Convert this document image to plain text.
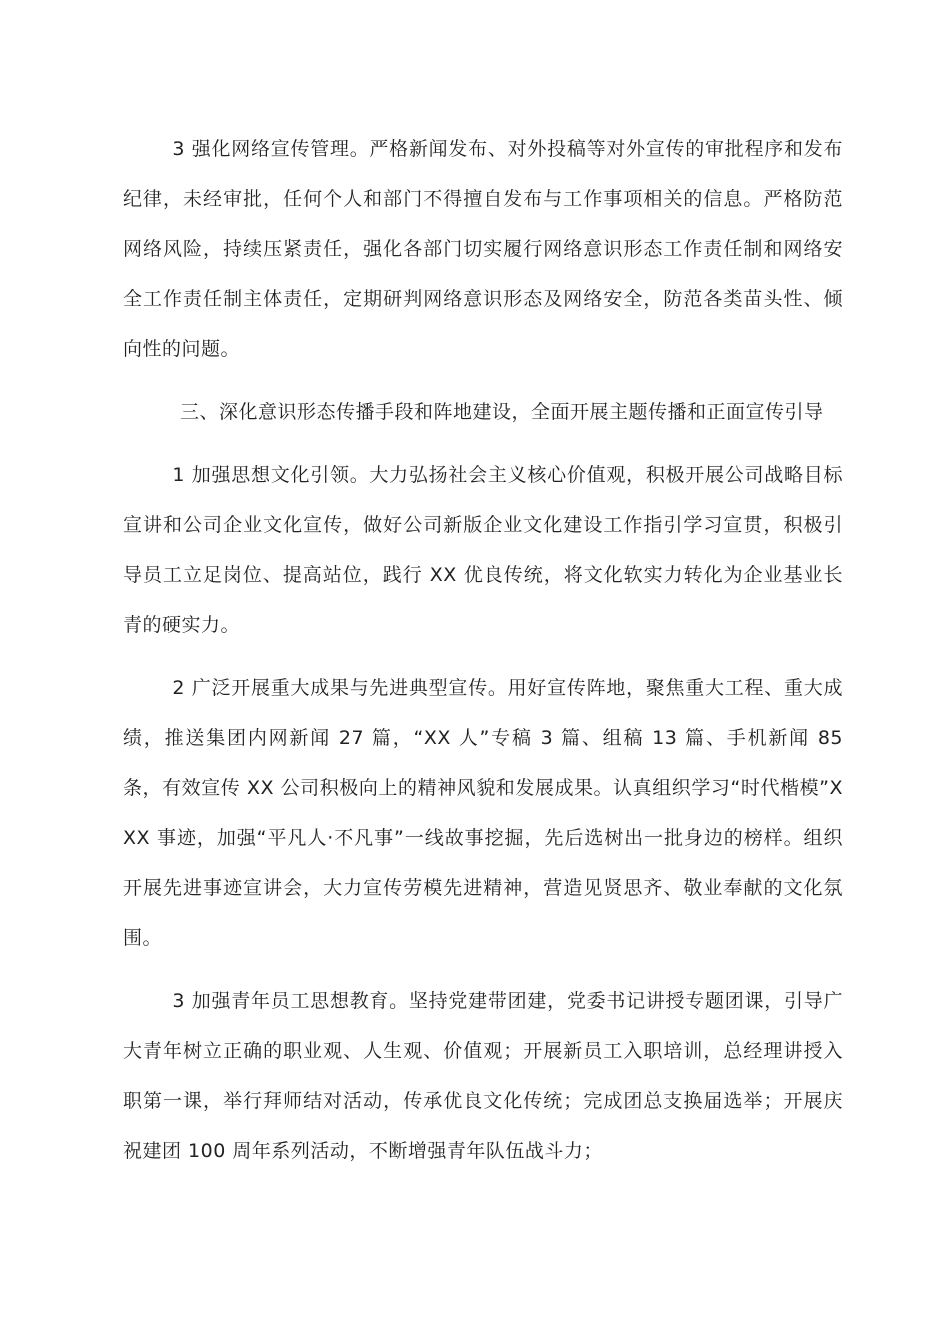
3 强化网络宣传管理。严格新闻发布、对外投稿等对外宣传的审批程序和发布纪律，未经审批，任何个人和部门不得擅自发布与工作事项相关的信息。严格防范网络风险，持续压紧责任，强化各部门切实履行网络意识形态工作责任制和网络安全工作责任制主体责任，定期研判网络意识形态及网络安全，防范各类苗头性、倾向性的问题。

三、深化意识形态传播手段和阵地建设，全面开展主题传播和正面宣传引导

1 加强思想文化引领。大力弘扬社会主义核心价值观，积极开展公司战略目标宣讲和公司企业文化宣传，做好公司新版企业文化建设工作指引学习宣贯，积极引导员工立足岗位、提高站位，践行 XX 优良传统，将文化软实力转化为企业基业长青的硬实力。

2 广泛开展重大成果与先进典型宣传。用好宣传阵地，聚焦重大工程、重大成绩，推送集团内网新闻 27 篇，“XX 人”专稿 3 篇、组稿 13 篇、手机新闻 85 条，有效宣传 XX 公司积极向上的精神风貌和发展成果。认真组织学习“时代楷模”XXX 事迹，加强“平凡人·不凡事”一线故事挖掘，先后选树出一批身边的榜样。组织开展先进事迹宣讲会，大力宣传劳模先进精神，营造见贤思齐、敬业奉献的文化氛围。

3 加强青年员工思想教育。坚持党建带团建，党委书记讲授专题团课，引导广大青年树立正确的职业观、人生观、价值观；开展新员工入职培训，总经理讲授入职第一课，举行拜师结对活动，传承优良文化传统；完成团总支换届选举；开展庆祝建团 100 周年系列活动，不断增强青年队伍战斗力；
